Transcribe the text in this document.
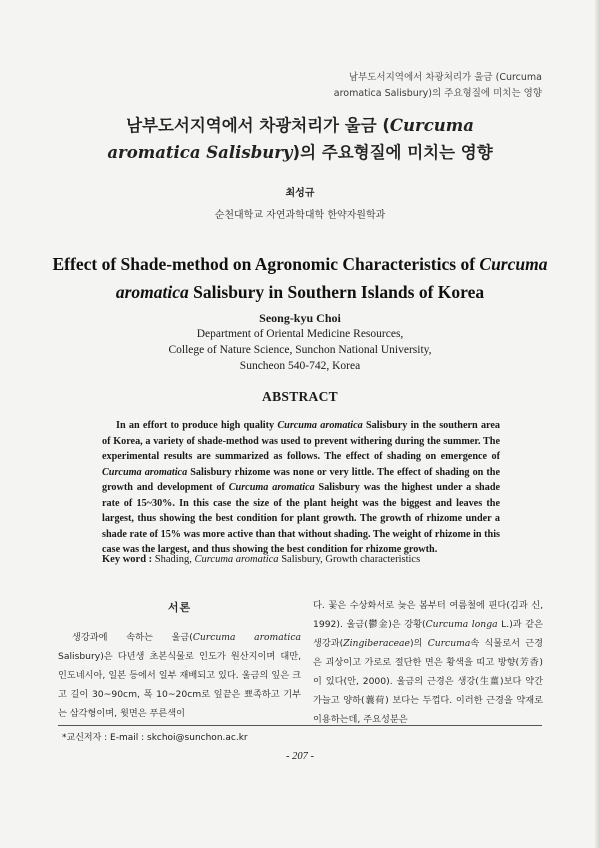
남부도서지역에서 차광처리가 울금 (Curcuma
aromatica Salisbury)의 주요형질에 미치는 영향
남부도서지역에서 차광처리가 울금 (Curcuma
aromatica Salisbury)의 주요형질에 미치는 영향
최성규
순천대학교 자연과학대학 한약자원학과
Effect of Shade-method on Agronomic Characteristics of Curcuma
aromatica Salisbury in Southern Islands of Korea
Seong-kyu Choi
Department of Oriental Medicine Resources,
College of Nature Science, Sunchon National University,
Suncheon 540-742, Korea
ABSTRACT
In an effort to produce high quality Curcuma aromatica Salisbury in the southern area of Korea, a variety of shade-method was used to prevent withering during the summer. The experimental results are summarized as follows. The effect of shading on emergence of Curcuma aromatica Salisbury rhizome was none or very little. The effect of shading on the growth and development of Curcuma aromatica Salisbury was the highest under a shade rate of 15~30%. In this case the size of the plant height was the biggest and leaves the largest, thus showing the best condition for plant growth. The growth of rhizome under a shade rate of 15% was more active than that without shading. The weight of rhizome in this case was the largest, and thus showing the best condition for rhizome growth.
Key word : Shading, Curcuma aromatica Salisbury, Growth characteristics
서론
생강과에 속하는 울금(Curcuma aromatica Salisbury)은 다년생 초본식물로 인도가 원산지이며 대만, 인도네시아, 일본 등에서 일부 재배되고 있다. 울금의 잎은 크고 길이 30~90cm, 폭 10~20cm로 잎끝은 뾰족하고 기부는 삼각형이며, 윗면은 푸른색이
다. 꽃은 수상화서로 늦은 봄부터 여름철에 핀다(김과 신, 1992). 울금(鬱金)은 강황(Curcuma longa L.)과 같은 생강과(Zingiberaceae)의 Curcuma속 식물로서 근경은 괴상이고 가로로 절단한 면은 황색을 띠고 방향(芳香)이 있다(안, 2000). 울금의 근경은 생강(生薑)보다 약간 가늘고 양하(蘘荷) 보다는 두껍다. 이러한 근경을 약재로 이용하는데, 주요성분은
*교신저자 : E-mail : skchoi@sunchon.ac.kr
- 207 -
